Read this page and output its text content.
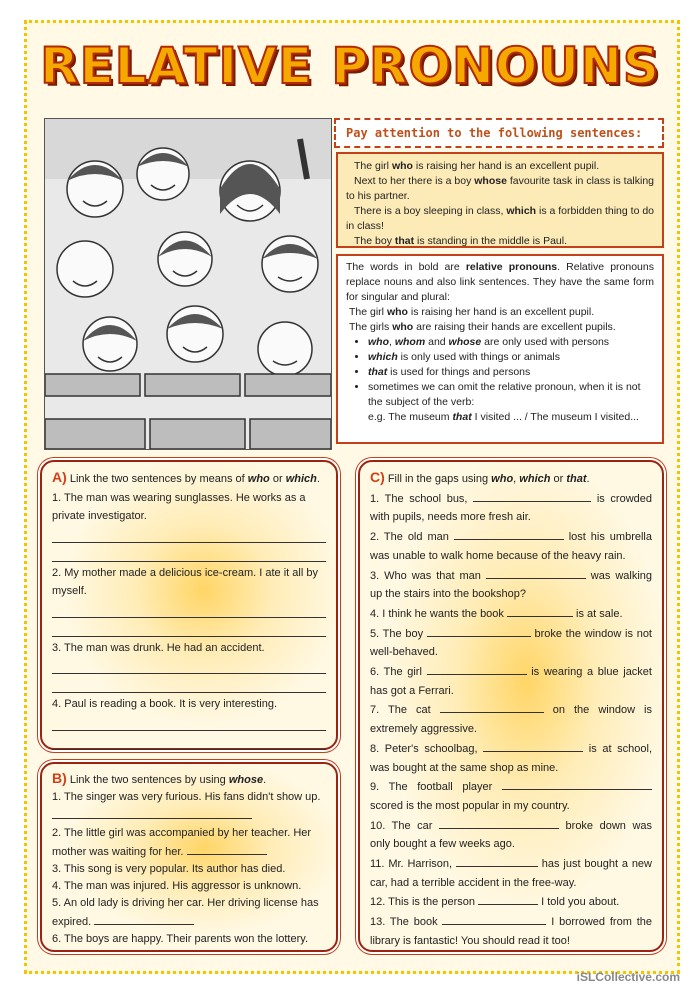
RELATIVE PRONOUNS
Pay attention to the following sentences:

The girl who is raising her hand is an excellent pupil.

Next to her there is a boy whose favourite task in class is talking to his partner.

There is a boy sleeping in class, which is a forbidden thing to do in class!

The boy that is standing in the middle is Paul.

The words in bold are relative pronouns. Relative pronouns replace nouns and also link sentences. They have the same form for singular and plural:

The girl who is raising her hand is an excellent pupil.

The girls who are raising their hands are excellent pupils.

• who, whom and whose are only used with persons
• which is only used with things or animals
• that is used for things and persons
• sometimes we can omit the relative pronoun, when it is not the subject of the verb:

e.g. The museum that I visited ... / The museum I visited...

A) Link the two sentences by means of who or which.

1. The man was wearing sunglasses. He works as a private investigator.

2. My mother made a delicious ice-cream. I ate it all by myself.

3. The man was drunk. He had an accident.

4. Paul is reading a book. It is very interesting.

B) Link the two sentences by using whose.

1. The singer was very furious. His fans didn't show up.

2. The little girl was accompanied by her teacher. Her mother was waiting for her.

3. This song is very popular. Its author has died.

4. The man was injured. His aggressor is unknown.

5. An old lady is driving her car. Her driving license has expired.

6. The boys are happy. Their parents won the lottery.

C) Fill in the gaps using who, which or that.

1. The school bus,	is crowded with pupils, needs more fresh air.

2. The old man	lost his umbrella was unable to walk home because of the heavy rain.

3. Who was that man	was walking up the stairs into the bookshop?

4. I think he wants the book	is at sale.

5. The boy	broke the window is not well-behaved.

6. The girl	is wearing a blue jacket has got a Ferrari.

7. The cat	on the window is extremely aggressive.

8. Peter's schoolbag,	is at school, was bought at the same shop as mine.

9. The football player  scored is the most popular in my country.

10. The car	broke down was only bought a few weeks ago.

11. Mr. Harrison,	has just bought a new car, had a terrible accident in the free-way.

12. This is the person	I told you about.

13. The book	I borrowed from the library is fantastic! You should read it too!

iSLCollective.com
